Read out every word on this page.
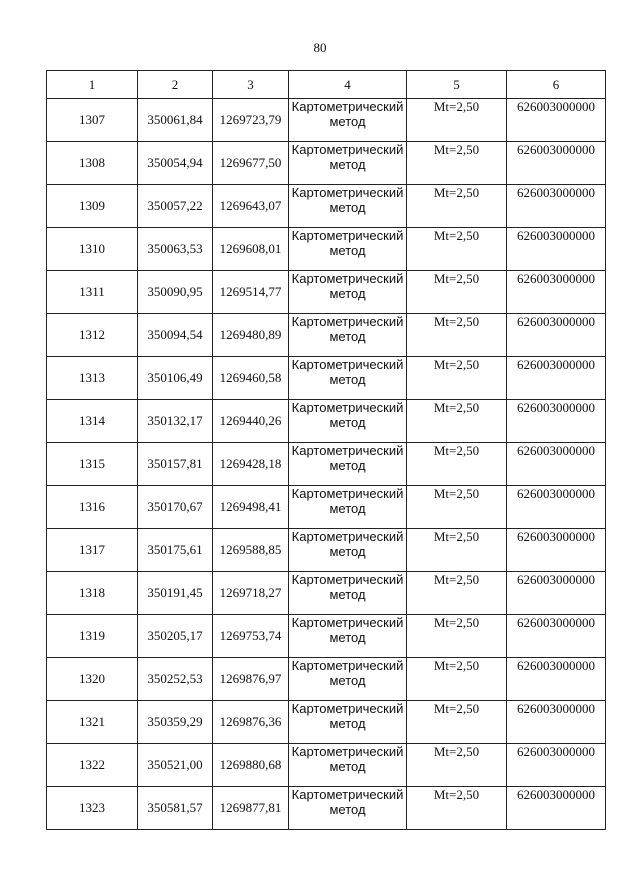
80
1	2	3	4	5	6
1307	350061,84	1269723,79	Картометрический метод	Mt=2,50	626003000000
1308	350054,94	1269677,50	Картометрический метод	Mt=2,50	626003000000
1309	350057,22	1269643,07	Картометрический метод	Mt=2,50	626003000000
1310	350063,53	1269608,01	Картометрический метод	Mt=2,50	626003000000
1311	350090,95	1269514,77	Картометрический метод	Mt=2,50	626003000000
1312	350094,54	1269480,89	Картометрический метод	Mt=2,50	626003000000
1313	350106,49	1269460,58	Картометрический метод	Mt=2,50	626003000000
1314	350132,17	1269440,26	Картометрический метод	Mt=2,50	626003000000
1315	350157,81	1269428,18	Картометрический метод	Mt=2,50	626003000000
1316	350170,67	1269498,41	Картометрический метод	Mt=2,50	626003000000
1317	350175,61	1269588,85	Картометрический метод	Mt=2,50	626003000000
1318	350191,45	1269718,27	Картометрический метод	Mt=2,50	626003000000
1319	350205,17	1269753,74	Картометрический метод	Mt=2,50	626003000000
1320	350252,53	1269876,97	Картометрический метод	Mt=2,50	626003000000
1321	350359,29	1269876,36	Картометрический метод	Mt=2,50	626003000000
1322	350521,00	1269880,68	Картометрический метод	Mt=2,50	626003000000
1323	350581,57	1269877,81	Картометрический метод	Mt=2,50	626003000000
